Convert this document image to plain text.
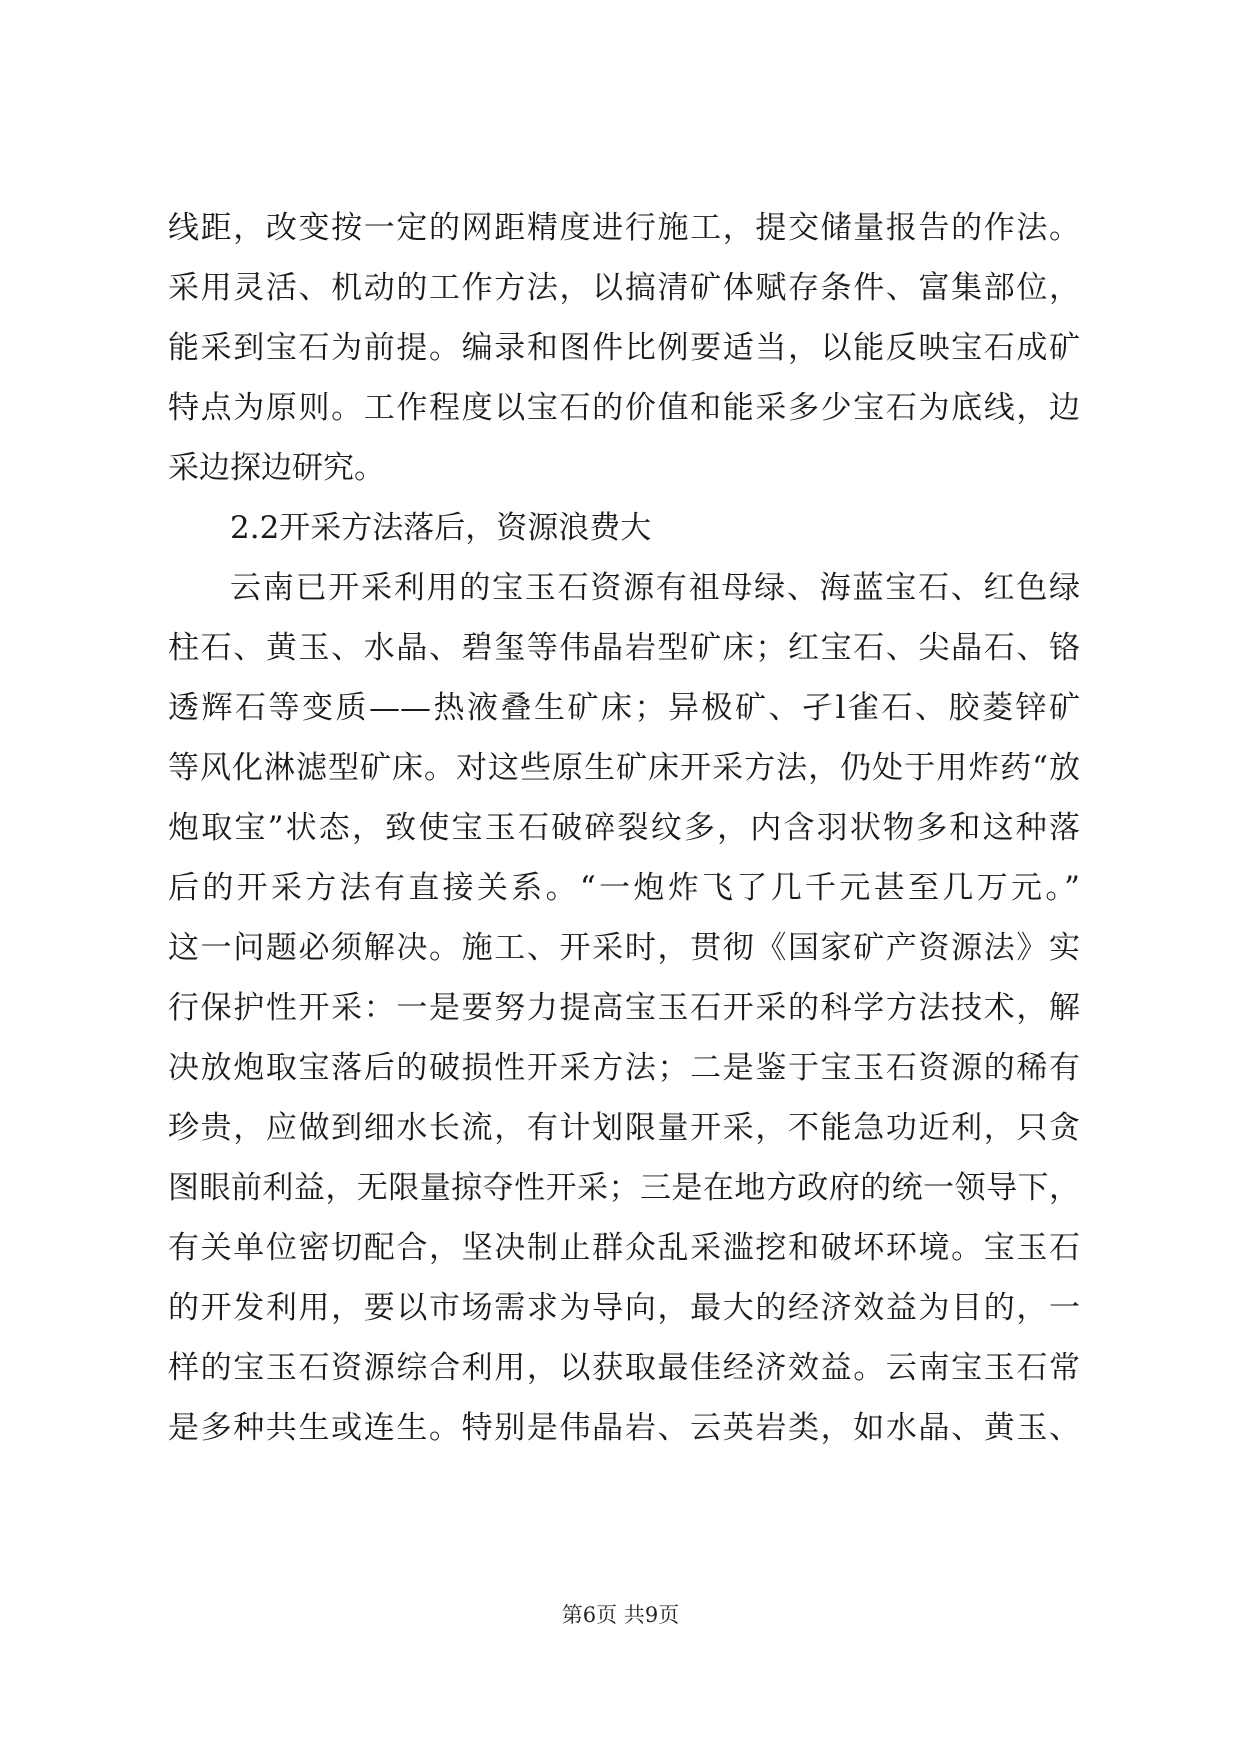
线距，改变按一定的网距精度进行施工，提交储量报告的作法。
采用灵活、机动的工作方法，以搞清矿体赋存条件、富集部位，
能采到宝石为前提。编录和图件比例要适当，以能反映宝石成矿
特点为原则。工作程度以宝石的价值和能采多少宝石为底线，边
采边探边研究。
2.2开采方法落后，资源浪费大
云南已开采利用的宝玉石资源有祖母绿、海蓝宝石、红色绿
柱石、黄玉、水晶、碧玺等伟晶岩型矿床；红宝石、尖晶石、铬
透辉石等变质——热液叠生矿床；异极矿、孑l雀石、胶菱锌矿
等风化淋滤型矿床。对这些原生矿床开采方法，仍处于用炸药“放
炮取宝”状态，致使宝玉石破碎裂纹多，内含羽状物多和这种落
后的开采方法有直接关系。“一炮炸飞了几千元甚至几万元。”
这一问题必须解决。施工、开采时，贯彻《国家矿产资源法》实
行保护性开采：一是要努力提高宝玉石开采的科学方法技术，解
决放炮取宝落后的破损性开采方法；二是鉴于宝玉石资源的稀有
珍贵，应做到细水长流，有计划限量开采，不能急功近利，只贪
图眼前利益，无限量掠夺性开采；三是在地方政府的统一领导下，
有关单位密切配合，坚决制止群众乱采滥挖和破坏环境。宝玉石
的开发利用，要以市场需求为导向，最大的经济效益为目的，一
样的宝玉石资源综合利用，以获取最佳经济效益。云南宝玉石常
是多种共生或连生。特别是伟晶岩、云英岩类，如水晶、黄玉、
第6页 共9页
